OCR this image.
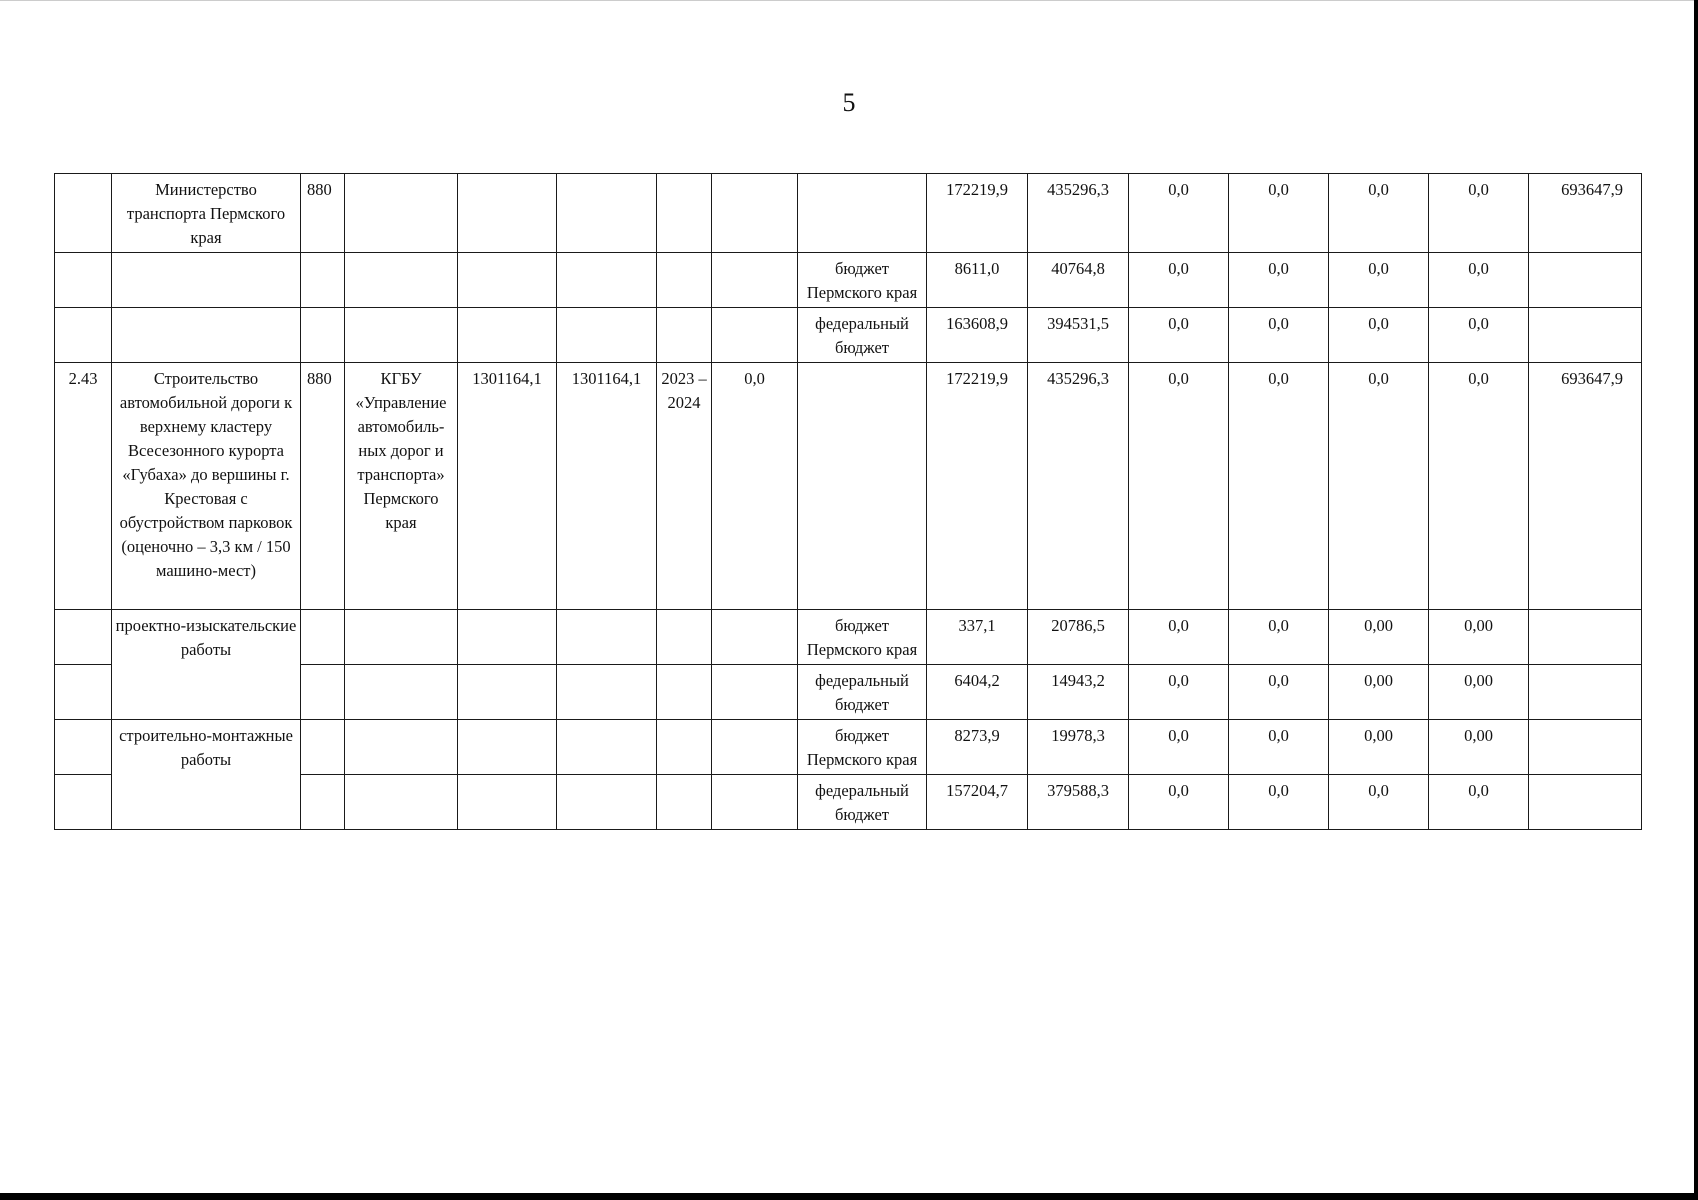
5
	Министерство транспорта Пермского края	880							172219,9	435296,3	0,0	0,0	0,0	0,0	693647,9
								бюджет Пермского края	8611,0	40764,8	0,0	0,0	0,0	0,0	
								федеральный бюджет	163608,9	394531,5	0,0	0,0	0,0	0,0	
2.43	Строительство автомобильной дороги к верхнему кластеру Всесезонного курорта «Губаха» до вершины г. Крестовая с обустройством парковок (оценочно – 3,3 км / 150 машино-мест)	880	КГБУ «Управление автомобиль-ных дорог и транспорта» Пермского края	1301164,1	1301164,1	2023 – 2024	0,0		172219,9	435296,3	0,0	0,0	0,0	0,0	693647,9
	проектно-изыскательские работы							бюджет Пермского края	337,1	20786,5	0,0	0,0	0,00	0,00	
								федеральный бюджет	6404,2	14943,2	0,0	0,0	0,00	0,00	
	строительно-монтажные работы							бюджет Пермского края	8273,9	19978,3	0,0	0,0	0,00	0,00	
								федеральный бюджет	157204,7	379588,3	0,0	0,0	0,0	0,0	
